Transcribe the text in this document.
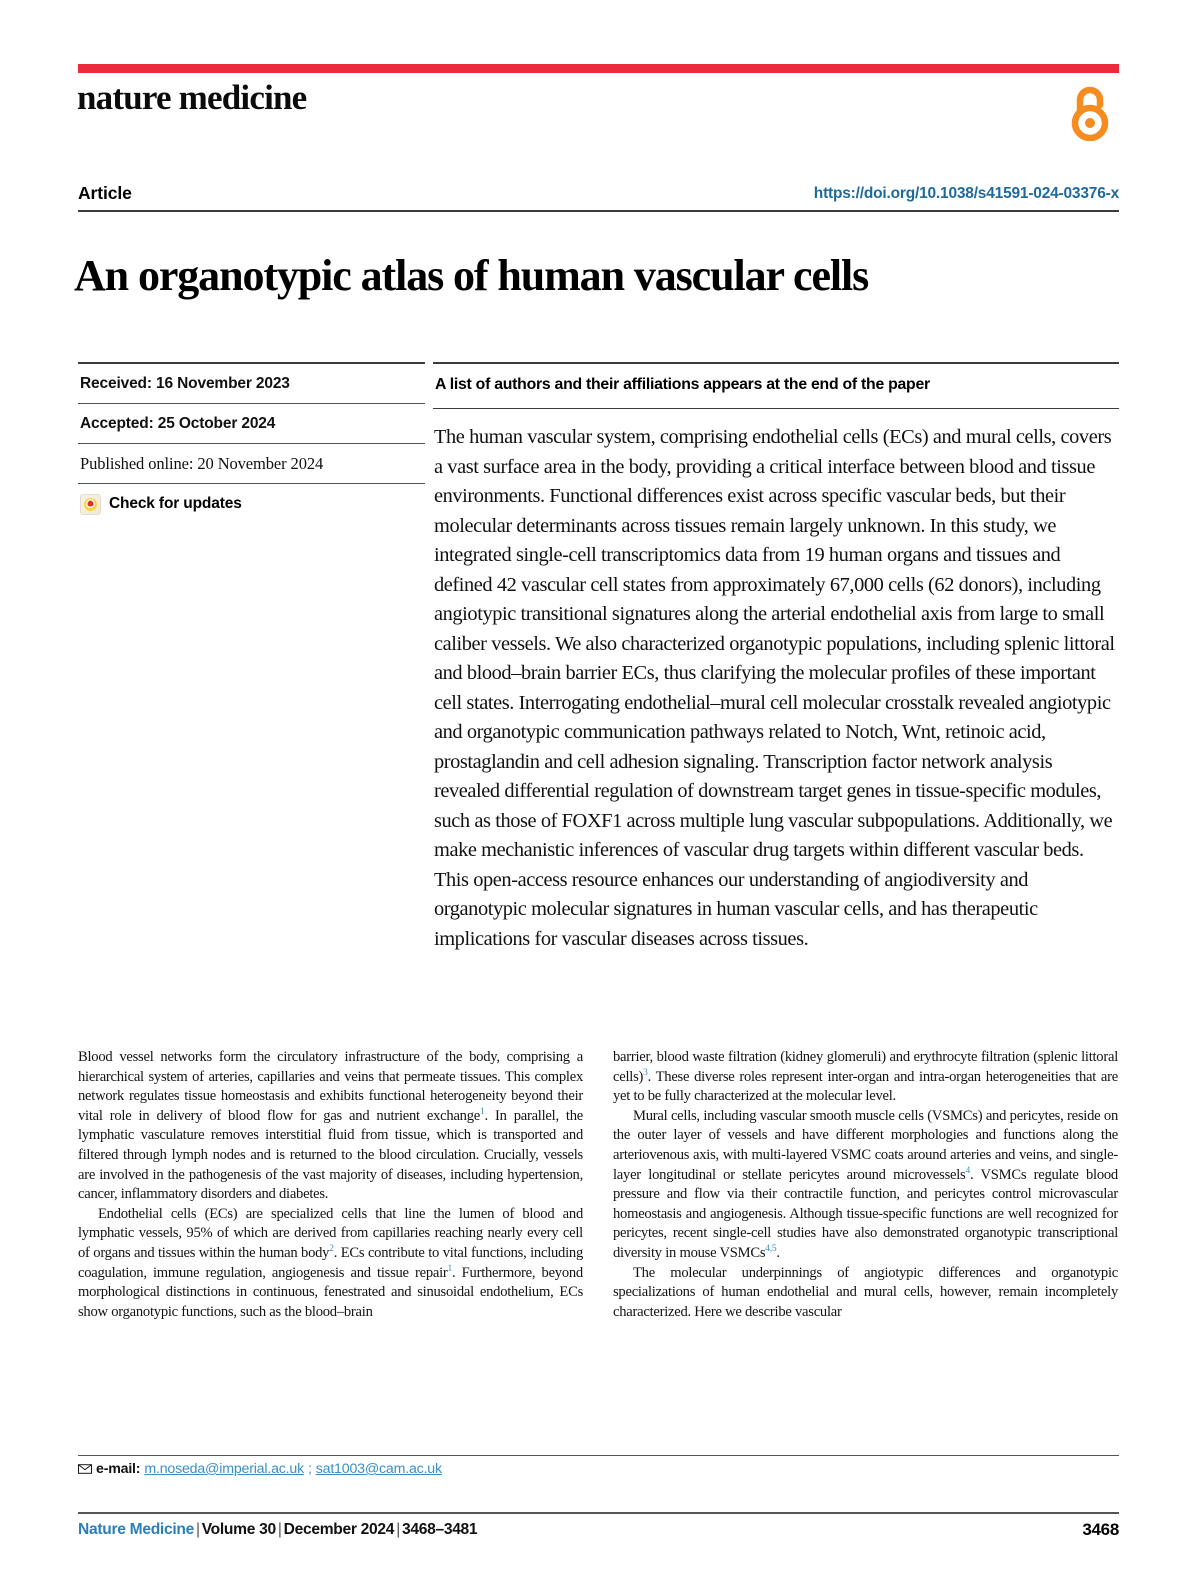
nature medicine
Article	https://doi.org/10.1038/s41591-024-03376-x
An organotypic atlas of human vascular cells
Received: 16 November 2023
Accepted: 25 October 2024
Published online: 20 November 2024
Check for updates
A list of authors and their affiliations appears at the end of the paper
The human vascular system, comprising endothelial cells (ECs) and mural cells, covers a vast surface area in the body, providing a critical interface between blood and tissue environments. Functional differences exist across specific vascular beds, but their molecular determinants across tissues remain largely unknown. In this study, we integrated single-cell transcriptomics data from 19 human organs and tissues and defined 42 vascular cell states from approximately 67,000 cells (62 donors), including angiotypic transitional signatures along the arterial endothelial axis from large to small caliber vessels. We also characterized organotypic populations, including splenic littoral and blood–brain barrier ECs, thus clarifying the molecular profiles of these important cell states. Interrogating endothelial–mural cell molecular crosstalk revealed angiotypic and organotypic communication pathways related to Notch, Wnt, retinoic acid, prostaglandin and cell adhesion signaling. Transcription factor network analysis revealed differential regulation of downstream target genes in tissue-specific modules, such as those of FOXF1 across multiple lung vascular subpopulations. Additionally, we make mechanistic inferences of vascular drug targets within different vascular beds. This open-access resource enhances our understanding of angiodiversity and organotypic molecular signatures in human vascular cells, and has therapeutic implications for vascular diseases across tissues.

Blood vessel networks form the circulatory infrastructure of the body, comprising a hierarchical system of arteries, capillaries and veins that permeate tissues. This complex network regulates tissue homeostasis and exhibits functional heterogeneity beyond their vital role in delivery of blood flow for gas and nutrient exchange$^1$. In parallel, the lymphatic vasculature removes interstitial fluid from tissue, which is transported and filtered through lymph nodes and is returned to the blood circulation. Crucially, vessels are involved in the pathogenesis of the vast majority of diseases, including hypertension, cancer, inflammatory disorders and diabetes.

Endothelial cells (ECs) are specialized cells that line the lumen of blood and lymphatic vessels, 95% of which are derived from capillaries reaching nearly every cell of organs and tissues within the human body$^2$. ECs contribute to vital functions, including coagulation, immune regulation, angiogenesis and tissue repair$^1$. Furthermore, beyond morphological distinctions in continuous, fenestrated and sinusoidal endothelium, ECs show organotypic functions, such as the blood–brain

barrier, blood waste filtration (kidney glomeruli) and erythrocyte filtration (splenic littoral cells)$^3$. These diverse roles represent inter-organ and intra-organ heterogeneities that are yet to be fully characterized at the molecular level.

Mural cells, including vascular smooth muscle cells (VSMCs) and pericytes, reside on the outer layer of vessels and have different morphologies and functions along the arteriovenous axis, with multi-layered VSMC coats around arteries and veins, and single-layer longitudinal or stellate pericytes around microvessels$^4$. VSMCs regulate blood pressure and flow via their contractile function, and pericytes control microvascular homeostasis and angiogenesis. Although tissue-specific functions are well recognized for pericytes, recent single-cell studies have also demonstrated organotypic transcriptional diversity in mouse VSMCs$^{4,5}$.

The molecular underpinnings of angiotypic differences and organotypic specializations of human endothelial and mural cells, however, remain incompletely characterized. Here we describe vascular

e-mail: m.noseda@imperial.ac.uk ; sat1003@cam.ac.uk
Nature Medicine | Volume 30 | December 2024 | 3468–3481	3468
